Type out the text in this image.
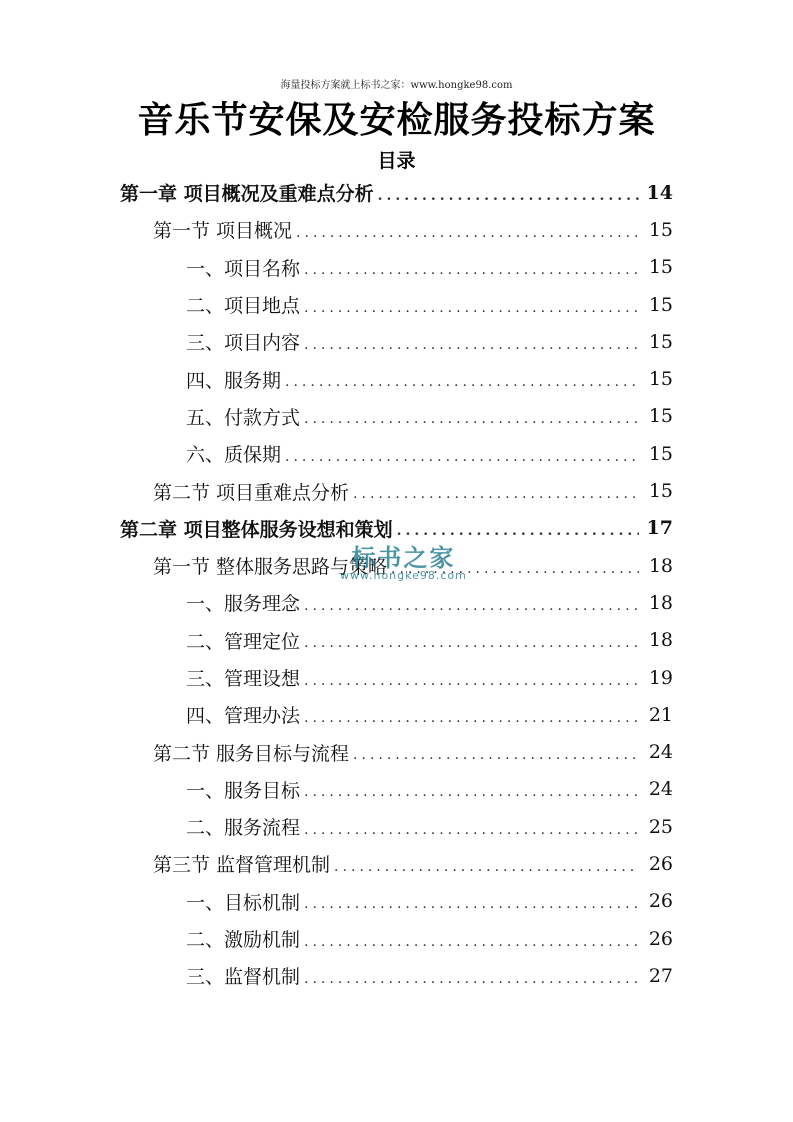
海量投标方案就上标书之家：www.hongke98.com
音乐节安保及安检服务投标方案
目录
第一章 项目概况及重难点分析 .....	14
第一节 项目概况 .....	15
一、项目名称 .....	15
二、项目地点 .....	15
三、项目内容 .....	15
四、服务期 .....	15
五、付款方式 .....	15
六、质保期 .....	15
第二节 项目重难点分析 .....	15
第二章 项目整体服务设想和策划 .....	17
第一节 整体服务思路与策略 .....	18
一、服务理念 .....	18
二、管理定位 .....	18
三、管理设想 .....	19
四、管理办法 .....	21
第二节 服务目标与流程 .....	24
一、服务目标 .....	24
二、服务流程 .....	25
第三节 监督管理机制 .....	26
一、目标机制 .....	26
二、激励机制 .....	26
三、监督机制 .....	27
标书之家
www.hongke98.com
